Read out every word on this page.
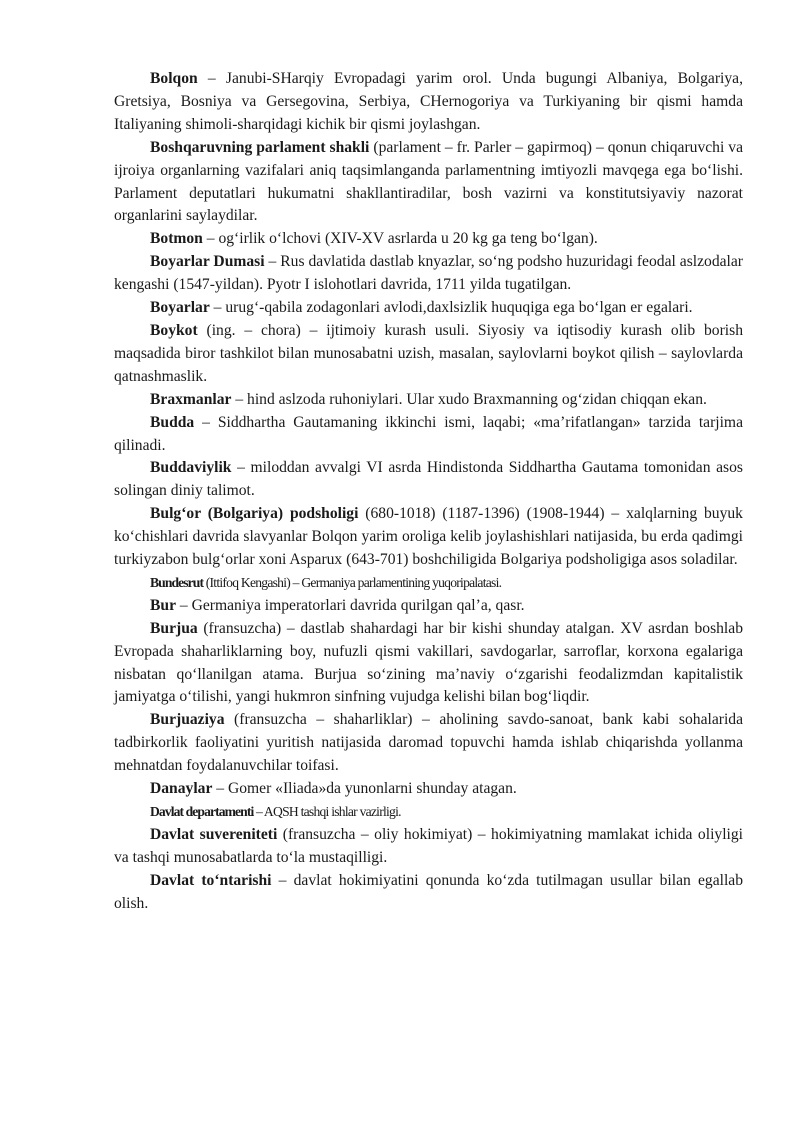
Bolqon – Janubi-SHarqiy Evropadagi yarim orol. Unda bugungi Albaniya, Bolgariya, Gretsiya, Bosniya va Gersegovina, Serbiya, CHernogoriya va Turkiyaning bir qismi hamda Italiyaning shimoli-sharqidagi kichik bir qismi joylashgan.

Boshqaruvning parlament shakli (parlament – fr. Parler – gapirmoq) – qonun chiqaruvchi va ijroiya organlarning vazifalari aniq taqsimlanganda parlamentning imtiyozli mavqega ega bo‘lishi. Parlament deputatlari hukumatni shakllantiradilar, bosh vazirni va konstitutsiyaviy nazorat organlarini saylaydilar.

Botmon – og‘irlik o‘lchovi (XIV-XV asrlarda u 20 kg ga teng bo‘lgan).

Boyarlar Dumasi – Rus davlatida dastlab knyazlar, so‘ng podsho huzuridagi feodal aslzodalar kengashi (1547-yildan). Pyotr I islohotlari davrida, 1711 yilda tugatilgan.

Boyarlar – urug‘-qabila zodagonlari avlodi,daxlsizlik huquqiga ega bo‘lgan er egalari.

Boykot (ing. – chora) – ijtimoiy kurash usuli. Siyosiy va iqtisodiy kurash olib borish maqsadida biror tashkilot bilan munosabatni uzish, masalan, saylovlarni boykot qilish – saylovlarda qatnashmaslik.

Braxmanlar – hind aslzoda ruhoniylari. Ular xudo Braxmanning og‘zidan chiqqan ekan.

Budda – Siddhartha Gautamaning ikkinchi ismi, laqabi; «ma’rifatlangan» tarzida tarjima qilinadi.

Buddaviylik – miloddan avvalgi VI asrda Hindistonda Siddhartha Gautama tomonidan asos solingan diniy talimot.

Bulg‘or (Bolgariya) podsholigi (680-1018) (1187-1396) (1908-1944) – xalqlarning buyuk ko‘chishlari davrida slavyanlar Bolqon yarim oroliga kelib joylashishlari natijasida, bu erda qadimgi turkiyzabon bulg‘orlar xoni Asparux (643-701) boshchiligida Bolgariya podsholigiga asos soladilar.

Bundesrut (Ittifoq Kengashi) – Germaniya parlamentining yuqoripalatasi.

Bur – Germaniya imperatorlari davrida qurilgan qal’a, qasr.

Burjua (fransuzcha) – dastlab shahardagi har bir kishi shunday atalgan. XV asrdan boshlab Evropada shaharliklarning boy, nufuzli qismi vakillari, savdogarlar, sarroflar, korxona egalariga nisbatan qo‘llanilgan atama. Burjua so‘zining ma’naviy o‘zgarishi feodalizmdan kapitalistik jamiyatga o‘tilishi, yangi hukmron sinfning vujudga kelishi bilan bog‘liqdir.

Burjuaziya (fransuzcha – shaharliklar) – aholining savdo-sanoat, bank kabi sohalarida tadbirkorlik faoliyatini yuritish natijasida daromad topuvchi hamda ishlab chiqarishda yollanma mehnatdan foydalanuvchilar toifasi.

Danaylar – Gomer «Iliada»da yunonlarni shunday atagan.

Davlat departamenti – AQSH tashqi ishlar vazirligi.

Davlat suvereniteti (fransuzcha – oliy hokimiyat) – hokimiyatning mamlakat ichida oliyligi va tashqi munosabatlarda to‘la mustaqilligi.

Davlat to‘ntarishi – davlat hokimiyatini qonunda ko‘zda tutilmagan usullar bilan egallab olish.
